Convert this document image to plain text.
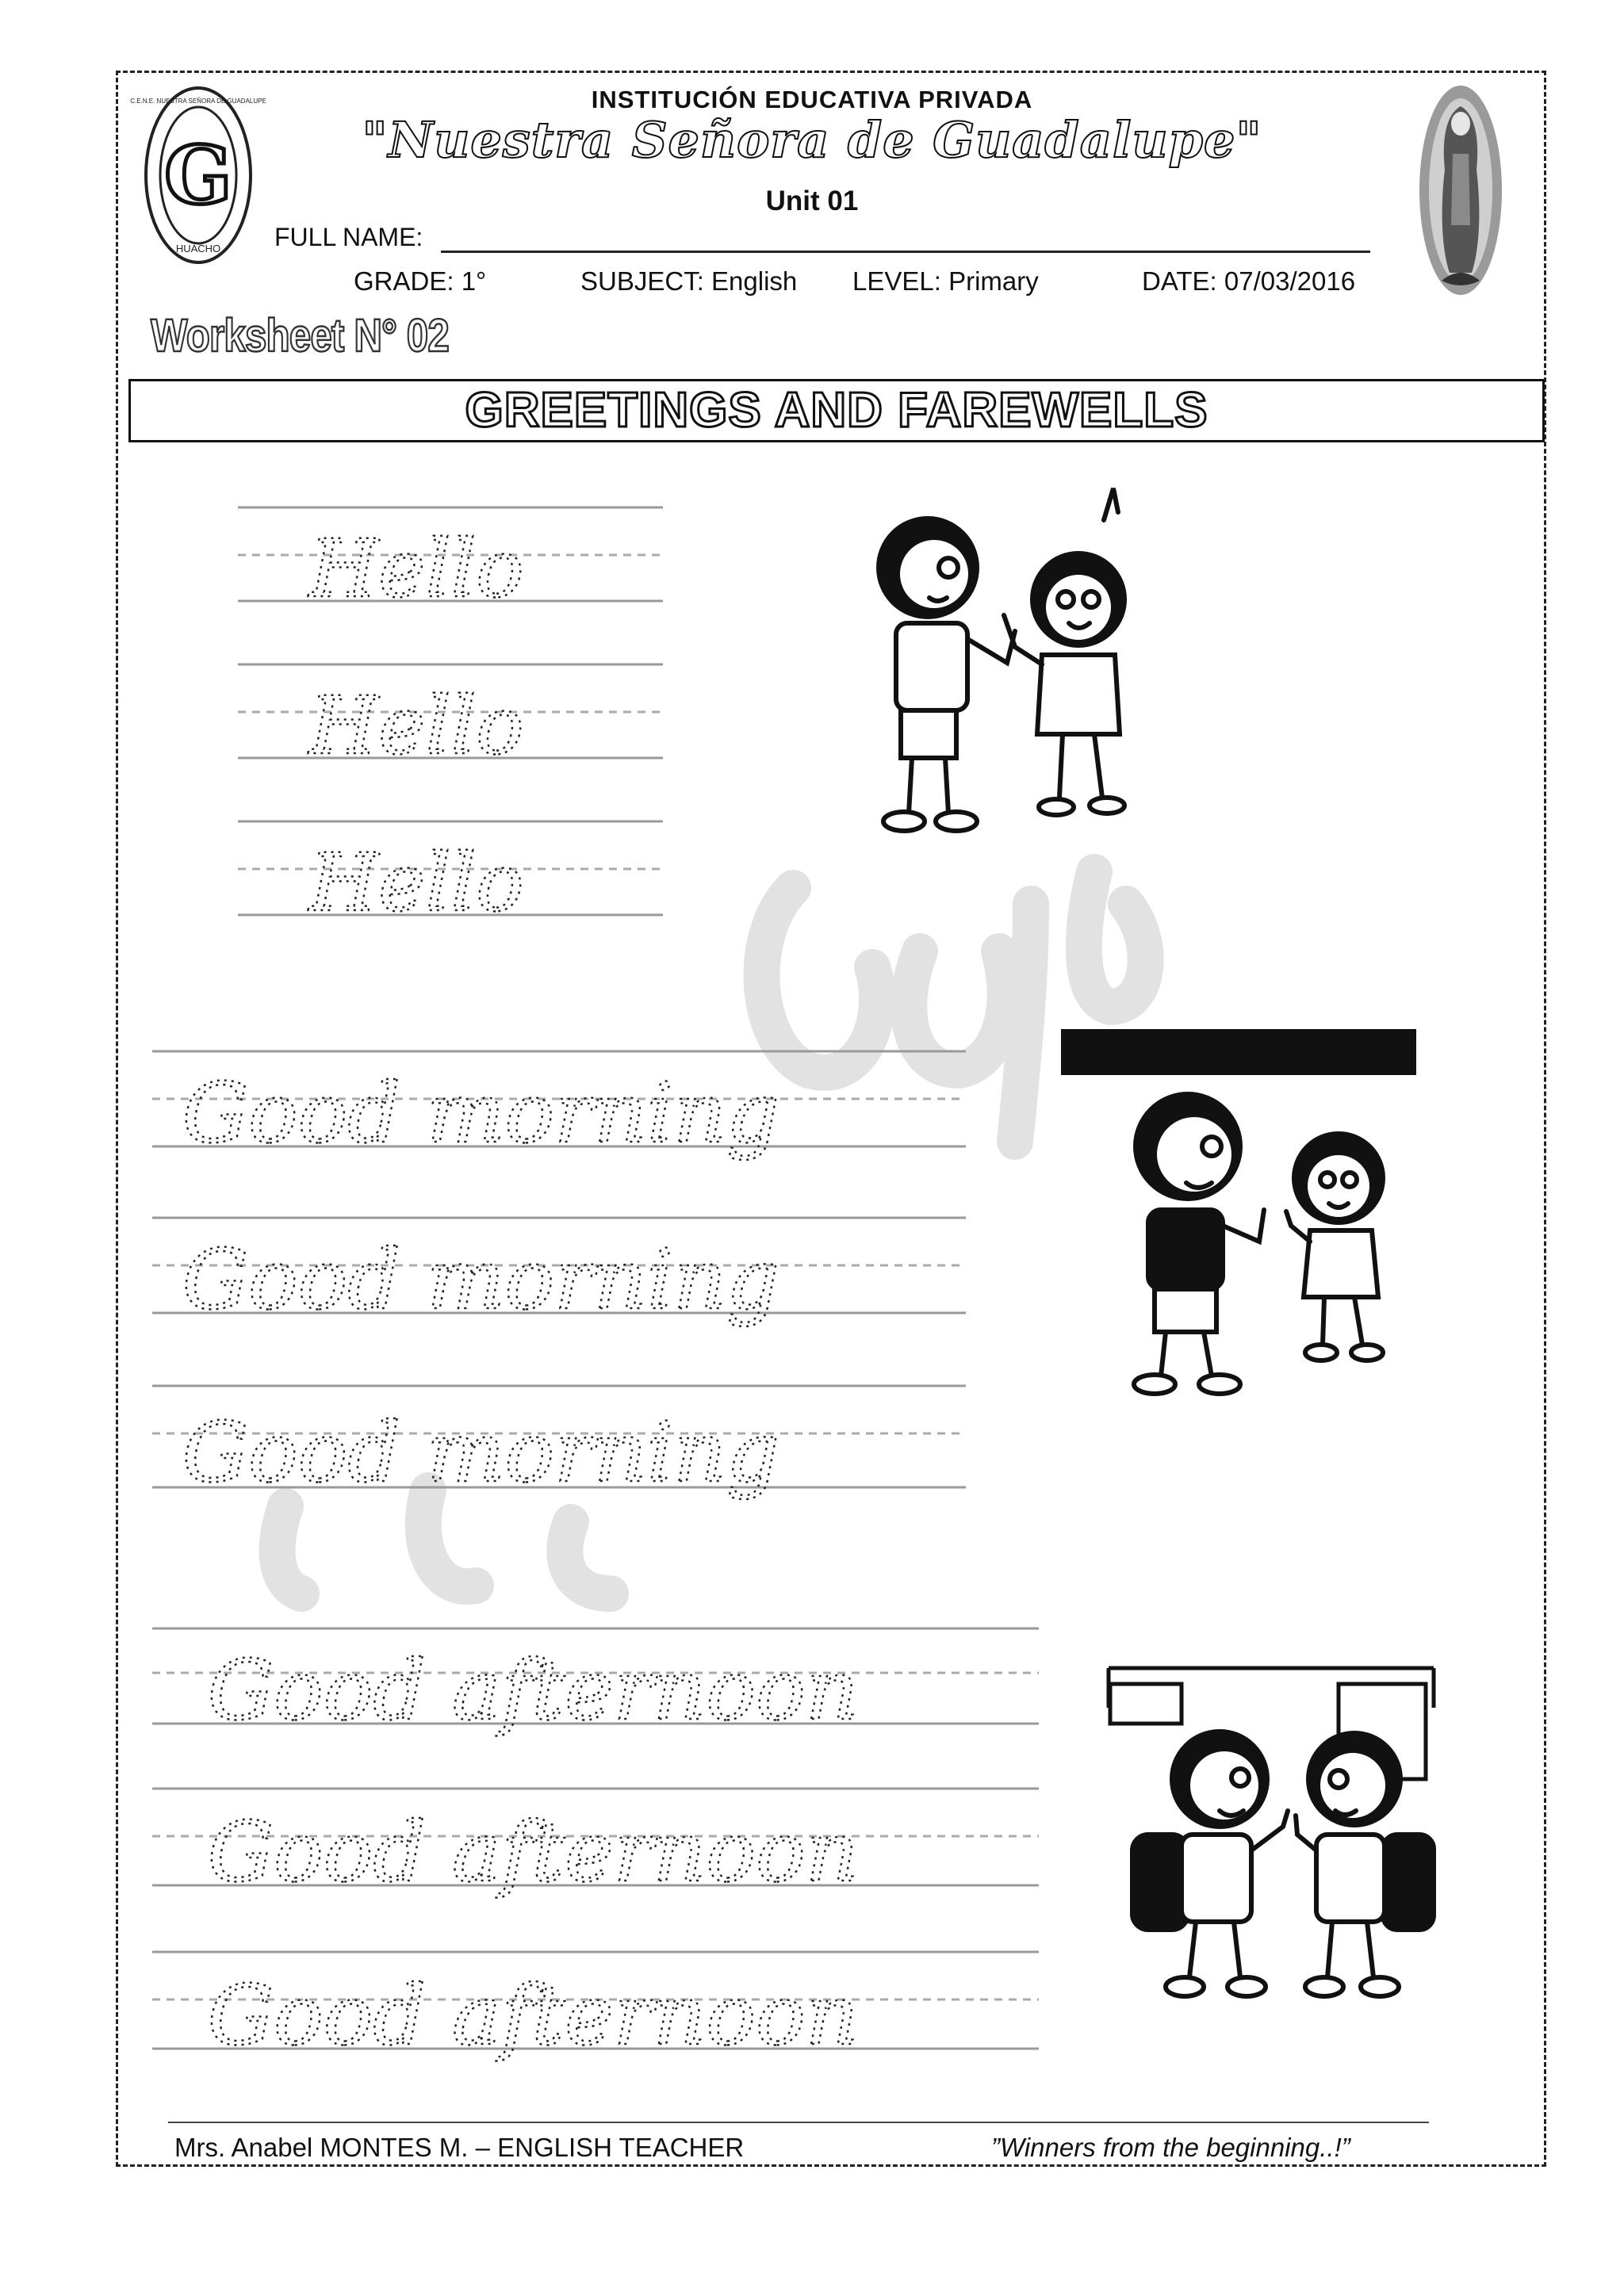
G
HUACHO
C.E.N.E. NUESTRA SEÑORA DE GUADALUPE	INSTITUCIÓN EDUCATIVA PRIVADA
"Nuestra Señora de Guadalupe"
Unit 01
FULL NAME:
GRADE: 1°	SUBJECT: English LEVEL: Primary	DATE: 07/03/2016
Worksheet N° 02
GREETINGS AND FAREWELLS
Hello
Hello
Hello
Good morning
Good morning
Good morning
Good afternoon
Good afternoon
Good afternoon
Mrs. Anabel MONTES M. – ENGLISH TEACHER	”Winners from the beginning..!”
